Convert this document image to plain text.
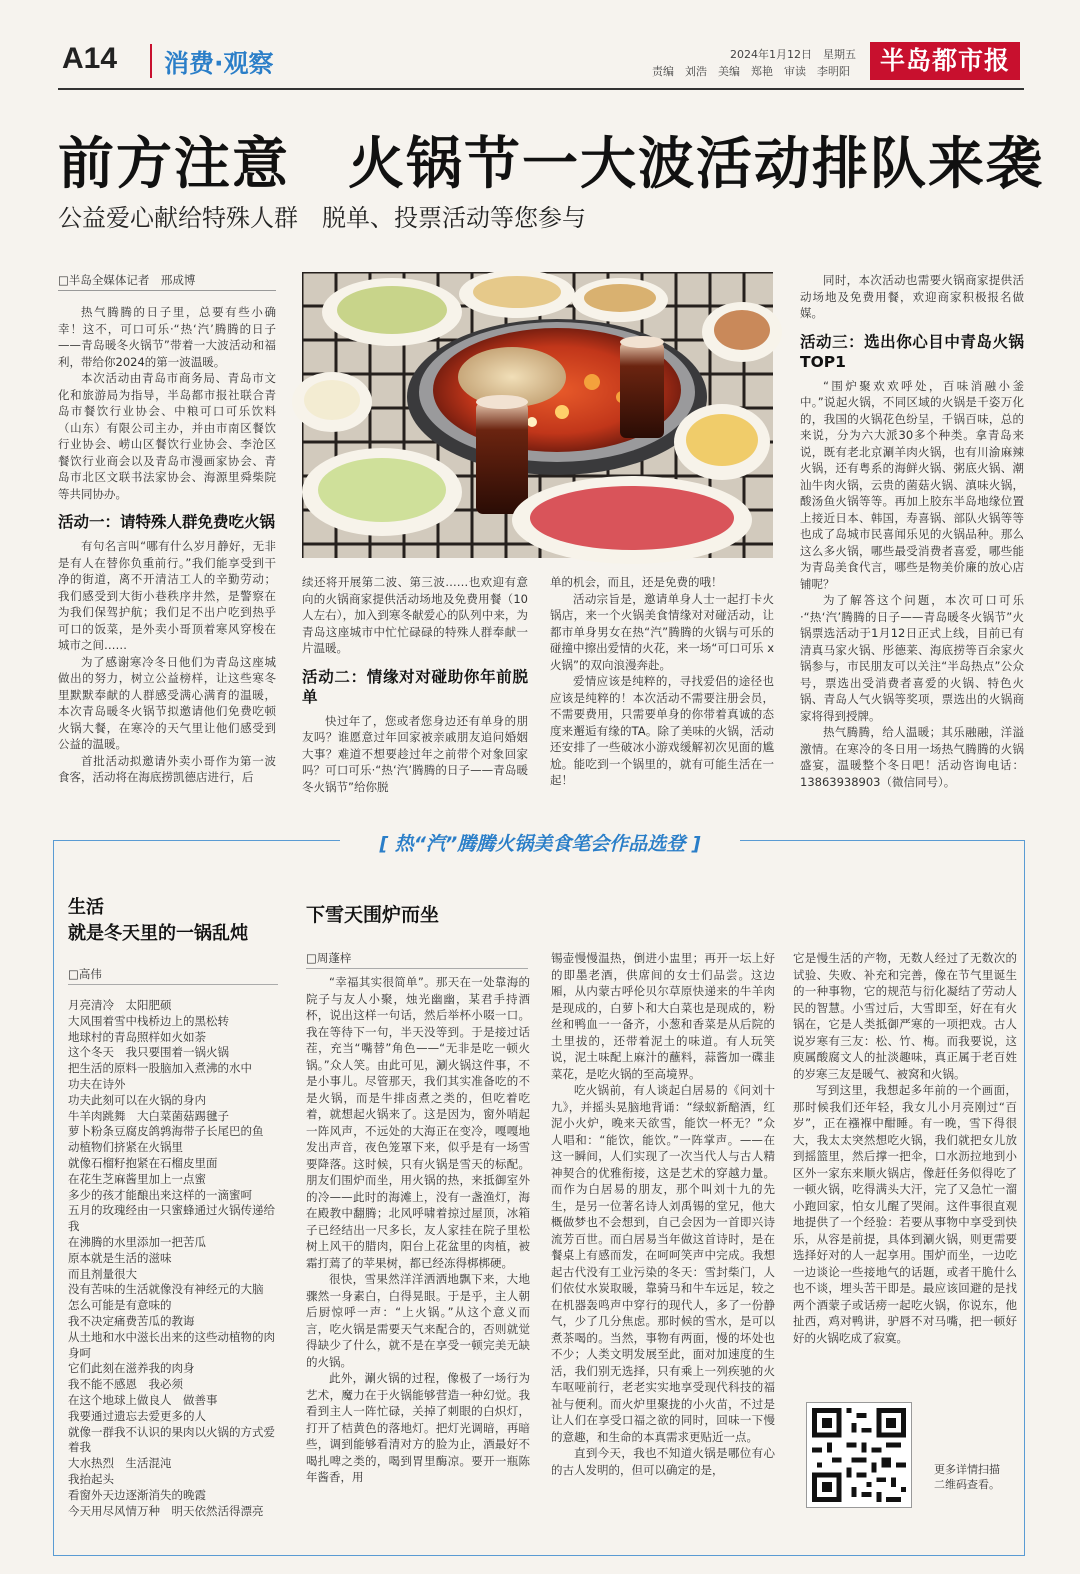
A14 消费·观察	2024年1月12日　星期五
责编　刘浩　美编　郑艳　审读　李明阳	半岛都市报
前方注意　火锅节一大波活动排队来袭
公益爱心献给特殊人群　脱单、投票活动等您参与
□半岛全媒体记者　邢成博

热气腾腾的日子里，总要有些小确幸！这不，可口可乐·“热‘汽’腾腾的日子——青岛暖冬火锅节”带着一大波活动和福利，带给你2024的第一波温暖。

本次活动由青岛市商务局、青岛市文化和旅游局为指导，半岛都市报社联合青岛市餐饮行业协会、中粮可口可乐饮料（山东）有限公司主办，并由市南区餐饮行业协会、崂山区餐饮行业协会、李沧区餐饮行业商会以及青岛市漫画家协会、青岛市北区文联书法家协会、海源里舜柴院等共同协办。

活动一：请特殊人群免费吃火锅

有句名言叫“哪有什么岁月静好，无非是有人在替你负重前行。”我们能享受到干净的街道，离不开清洁工人的辛勤劳动；我们感受到大街小巷秩序井然，是警察在为我们保驾护航；我们足不出户吃到热乎可口的饭菜，是外卖小哥顶着寒风穿梭在城市之间……

为了感谢寒冷冬日他们为青岛这座城做出的努力，树立公益榜样，让这些寒冬里默默奉献的人群感受满心满育的温暖，本次青岛暖冬火锅节拟邀请他们免费吃顿火锅大餐，在寒冷的天气里让他们感受到公益的温暖。

首批活动拟邀请外卖小哥作为第一波食客，活动将在海底捞凯德店进行，后

续还将开展第二波、第三波……也欢迎有意向的火锅商家提供活动场地及免费用餐（10人左右），加入到寒冬献爱心的队列中来，为青岛这座城市中忙忙碌碌的特殊人群奉献一片温暖。

活动二：情缘对对碰助你年前脱单

快过年了，您或者您身边还有单身的朋友吗？谁愿意过年回家被亲戚朋友追问婚姻大事？难道不想要趁过年之前带个对象回家吗？可口可乐·“热‘汽’腾腾的日子——青岛暖冬火锅节”给你脱

单的机会，而且，还是免费的哦！

活动宗旨是，邀请单身人士一起打卡火锅店，来一个火锅美食情缘对对碰活动，让都市单身男女在热“汽”腾腾的火锅与可乐的碰撞中擦出爱情的火花，来一场“可口可乐 x火锅”的双向浪漫奔赴。

爱情应该是纯粹的，寻找爱侣的途径也应该是纯粹的！本次活动不需要注册会员，不需要费用，只需要单身的你带着真诚的态度来邂逅有缘的TA。除了美味的火锅，活动还安排了一些破冰小游戏缓解初次见面的尴尬。能吃到一个锅里的，就有可能生活在一起！

同时，本次活动也需要火锅商家提供活动场地及免费用餐，欢迎商家积极报名做媒。

活动三：选出你心目中青岛火锅TOP1

“围炉聚欢欢呼处，百味消融小釜中。”说起火锅，不同区域的火锅是千姿万化的，我国的火锅花色纷呈，千锅百味，总的来说，分为六大派30多个种类。拿青岛来说，既有老北京涮羊肉火锅，也有川渝麻辣火锅，还有粤系的海鲜火锅、粥底火锅、潮汕牛肉火锅，云贵的菌菇火锅、滇味火锅，酸汤鱼火锅等等。再加上胶东半岛地缘位置上接近日本、韩国，寿喜锅、部队火锅等等也成了岛城市民喜闻乐见的火锅品种。那么这么多火锅，哪些最受消费者喜爱，哪些能为青岛美食代言，哪些是物美价廉的放心店铺呢？

为了解答这个问题，本次可口可乐·“热‘汽’腾腾的日子——青岛暖冬火锅节”火锅票选活动于1月12日正式上线，目前已有清真马家火锅、彤德莱、海底捞等百余家火锅参与，市民朋友可以关注“半岛热点”公众号，票选出受消费者喜爱的火锅、特色火锅、青岛人气火锅等奖项，票选出的火锅商家将得到授牌。

热气腾腾，给人温暖；其乐融融，洋溢激情。在寒冷的冬日用一场热气腾腾的火锅盛宴，温暖整个冬日吧！活动咨询电话：13863938903（微信同号）。

[ 热“汽”腾腾火锅美食笔会作品选登 ]
生活
就是冬天里的一锅乱炖
□高伟
月亮清冷　太阳肥硕
大风围着雪中栈桥边上的黑松转
地球村的青岛照样如火如荼
这个冬天　我只要围着一锅火锅
把生活的原料一股脑加入煮沸的水中
功夫在诗外
功夫此刻可以在火锅的身内
牛羊肉跳舞　大白菜菌菇踢毽子
萝卜粉条豆腐皮鸽鹑海带子长尾巴的鱼
动植物们挤紧在火锅里
就像石榴籽抱紧在石榴皮里面
在花生芝麻酱里加上一点蜜
多少的孩才能酿出来这样的一滴蜜呵
五月的玫瑰经由一只蜜蜂通过火锅传递给我
在沸腾的水里添加一把苦瓜
原本就是生活的滋味
而且剂量很大
没有苦味的生活就像没有神经元的大脑
怎么可能是有意味的
我不决定痛费苦瓜的教诲
从土地和水中滋长出来的这些动植物的肉身呵
它们此刻在滋养我的肉身
我不能不感恩　我必须
在这个地球上做良人　做善事
我要通过遗忘去爱更多的人
就像一群我不认识的果肉以火锅的方式爱着我
大水热烈　生活混沌
我抬起头
看窗外天边逐渐消失的晚霞
今天用尽风情万种　明天依然活得漂亮
下雪天围炉而坐
□周蓬梓

“幸福其实很简单”。那天在一处靠海的院子与友人小聚，烛光幽幽，某君手持酒杯，说出这样一句话，然后举杯小啜一口。我在等待下一句，半天没等到。于是接过话茬，充当“嘴替”角色——“无非是吃一顿火锅。”众人笑。由此可见，涮火锅这件事，不是小事儿。尽管那天，我们其实准备吃的不是火锅，而是牛排卤煮之类的，但吃着吃着，就想起火锅来了。这是因为，窗外哨起一阵风声，不远处的大海正在变冷，嘎嘎地发出声音，夜色笼罩下来，似乎是有一场雪要降落。这时候，只有火锅是雪天的标配。朋友们围炉而坐，用火锅的热，来抵御室外的冷——此时的海滩上，没有一盏渔灯，海在殿教中翻腾；北风呼啸着掠过屋顶，冰箱子已经结出一尺多长，友人家挂在院子里松树上风干的腊肉，阳台上花盆里的肉植，被霜打蔫了的苹果树，都已经冻得梆梆硬。

很快，雪果然洋洋洒洒地飘下来，大地骤然一身素白，白得晃眼。于是乎，主人朝后厨惊呼一声：“上火锅。”从这个意义而言，吃火锅是需要天气来配合的，否则就觉得缺少了什么，就不是在享受一顿完美无缺的火锅。

此外，涮火锅的过程，像极了一场行为艺术，魔力在于火锅能够营造一种幻觉。我看到主人一阵忙碌，关掉了刺眼的白炽灯，打开了桔黄色的落地灯。把灯光调暗，再暗些，调到能够看清对方的脸为止，酒最好不喝扎啤之类的，喝到胃里酶凉。要开一瓶陈年酱香，用

锡壶慢慢温热，倒进小盅里；再开一坛上好的即墨老酒，供席间的女士们品尝。这边厢，从内蒙古呼伦贝尔草原快递来的牛羊肉是现成的，白萝卜和大白菜也是现成的，粉丝和鸭血一一备齐，小葱和香菜是从后院的土里拔的，还带着泥土的味道。有人玩笑说，泥土味配上麻汁的蘸料，蒜酱加一碟韭菜花，是吃火锅的至高境界。

吃火锅前，有人谈起白居易的《问刘十九》，并摇头晃脑地背诵：“绿蚁新醅酒，红泥小火炉，晚来天欲雪，能饮一杯无？”众人唱和：“能饮，能饮。”一阵掌声。——在这一瞬间，人们实现了一次当代人与古人精神契合的优雅衔接，这是艺术的穿越力量。而作为白居易的朋友，那个叫刘十九的先生，是另一位著名诗人刘禹锡的堂兄，他大概做梦也不会想到，自己会因为一首即兴诗流芳百世。而白居易当年做这首诗时，是在餐桌上有感而发，在呵呵笑声中完成。我想起古代没有工业污染的冬天：雪封柴门，人们依仗水炭取暖，靠骑马和牛车远足，较之在机器轰鸣声中穿行的现代人，多了一份静气，少了几分焦虑。那时候的雪水，是可以煮茶喝的。当然，事物有两面，慢的坏处也不少；人类文明发展至此，面对加速度的生活，我们别无选择，只有乘上一列疾驰的火车呕哑前行，老老实实地享受现代科技的福祉与便利。而火炉里聚拢的小火苗，不过是让人们在享受口福之欲的同时，回味一下慢的意趣，和生命的本真需求更贴近一点。

直到今天，我也不知道火锅是哪位有心的古人发明的，但可以确定的是，

它是慢生活的产物，无数人经过了无数次的试验、失败、补充和完善，像在节气里诞生的一种事物，它的规范与衍化凝结了劳动人民的智慧。小雪过后，大雪即至，好在有火锅在，它是人类抵御严寒的一项把戏。古人说岁寒有三友：松、竹、梅。而我要说，这庾属酸腐文人的扯淡趣味，真正属于老百姓的岁寒三友是暖气、被窝和火锅。

写到这里，我想起多年前的一个画面，那时候我们还年轻，我女儿小月亮刚过“百岁”，正在襁褓中酣睡。有一晚，雪下得很大，我太太突然想吃火锅，我们就把女儿放到摇篮里，然后撑一把伞，口水沥拉地到小区外一家东来顺火锅店，像赶任务似得吃了一顿火锅，吃得满头大汗，完了又急忙一溜小跑回家，怕女儿醒了哭闹。这件事很直观地提供了一个经验：若要从事物中享受到快乐，从容是前提，具体到涮火锅，则更需要选择好对的人一起享用。围炉而坐，一边吃一边谈论一些接地气的话题，或者干脆什么也不谈，埋头苦干即是。最应该回避的是找两个酒蒙子或话痨一起吃火锅，你说东，他扯西，鸡对鸭讲，驴唇不对马嘴，把一顿好好的火锅吃成了寂寞。

更多详情扫描二维码查看。
